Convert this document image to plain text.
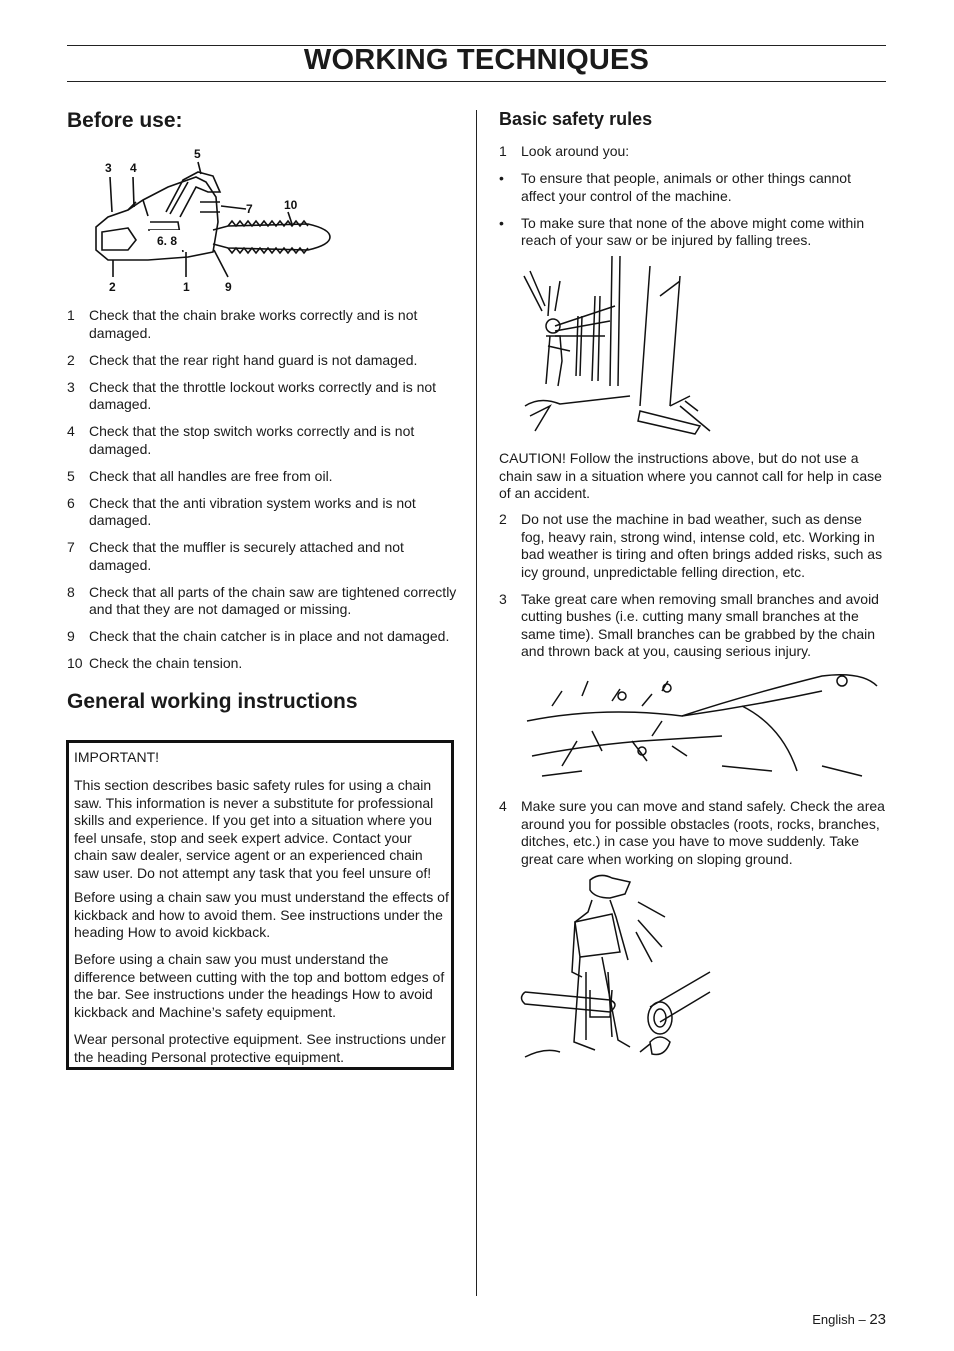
WORKING TECHNIQUES
Before use:
3 4
5
7	10
6. 8
2	1	9
1 Check that the chain brake works correctly and is not damaged.
2 Check that the rear right hand guard is not damaged.
3 Check that the throttle lockout works correctly and is not damaged.
4 Check that the stop switch works correctly and is not damaged.
5 Check that all handles are free from oil.
6 Check that the anti vibration system works and is not damaged.
7 Check that the muffler is securely attached and not damaged.
8 Check that all parts of the chain saw are tightened correctly and that they are not damaged or missing.
9 Check that the chain catcher is in place and not damaged.
10 Check the chain tension.
General working instructions

IMPORTANT!

This section describes basic safety rules for using a chain saw. This information is never a substitute for professional skills and experience. If you get into a situation where you feel unsafe, stop and seek expert advice. Contact your chain saw dealer, service agent or an experienced chain saw user. Do not attempt any task that you feel unsure of!

Before using a chain saw you must understand the effects of kickback and how to avoid them. See instructions under the heading How to avoid kickback.

Before using a chain saw you must understand the difference between cutting with the top and bottom edges of the bar. See instructions under the headings How to avoid kickback and Machine’s safety equipment.

Wear personal protective equipment. See instructions under the heading Personal protective equipment.

Basic safety rules
1 Look around you:
• To ensure that people, animals or other things cannot affect your control of the machine.
• To make sure that none of the above might come within reach of your saw or be injured by falling trees.

CAUTION! Follow the instructions above, but do not use a chain saw in a situation where you cannot call for help in case of an accident.

2 Do not use the machine in bad weather, such as dense fog, heavy rain, strong wind, intense cold, etc. Working in bad weather is tiring and often brings added risks, such as icy ground, unpredictable felling direction, etc.
3 Take great care when removing small branches and avoid cutting bushes (i.e. cutting many small branches at the same time). Small branches can be grabbed by the chain and thrown back at you, causing serious injury.
4 Make sure you can move and stand safely. Check the area around you for possible obstacles (roots, rocks, branches, ditches, etc.) in case you have to move suddenly. Take great care when working on sloping ground.
English – 23
